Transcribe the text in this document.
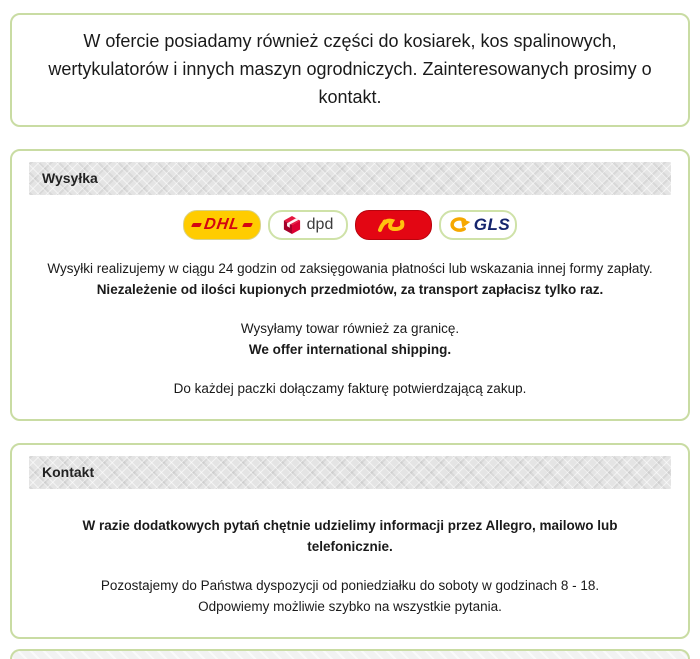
W ofercie posiadamy również części do kosiarek, kos spalinowych, wertykulatorów i innych maszyn ogrodniczych. Zainteresowanych prosimy o kontakt.
Wysyłka
DHL	dpd	GLS
Wysyłki realizujemy w ciągu 24 godzin od zaksięgowania płatności lub wskazania innej formy zapłaty.
Niezależenie od ilości kupionych przedmiotów, za transport zapłacisz tylko raz.
Wysyłamy towar również za granicę.
We offer international shipping.
Do każdej paczki dołączamy fakturę potwierdzającą zakup.
Kontakt
W razie dodatkowych pytań chętnie udzielimy informacji przez Allegro, mailowo lub telefonicznie.
Pozostajemy do Państwa dyspozycji od poniedziałku do soboty w godzinach 8 - 18.
Odpowiemy możliwie szybko na wszystkie pytania.
